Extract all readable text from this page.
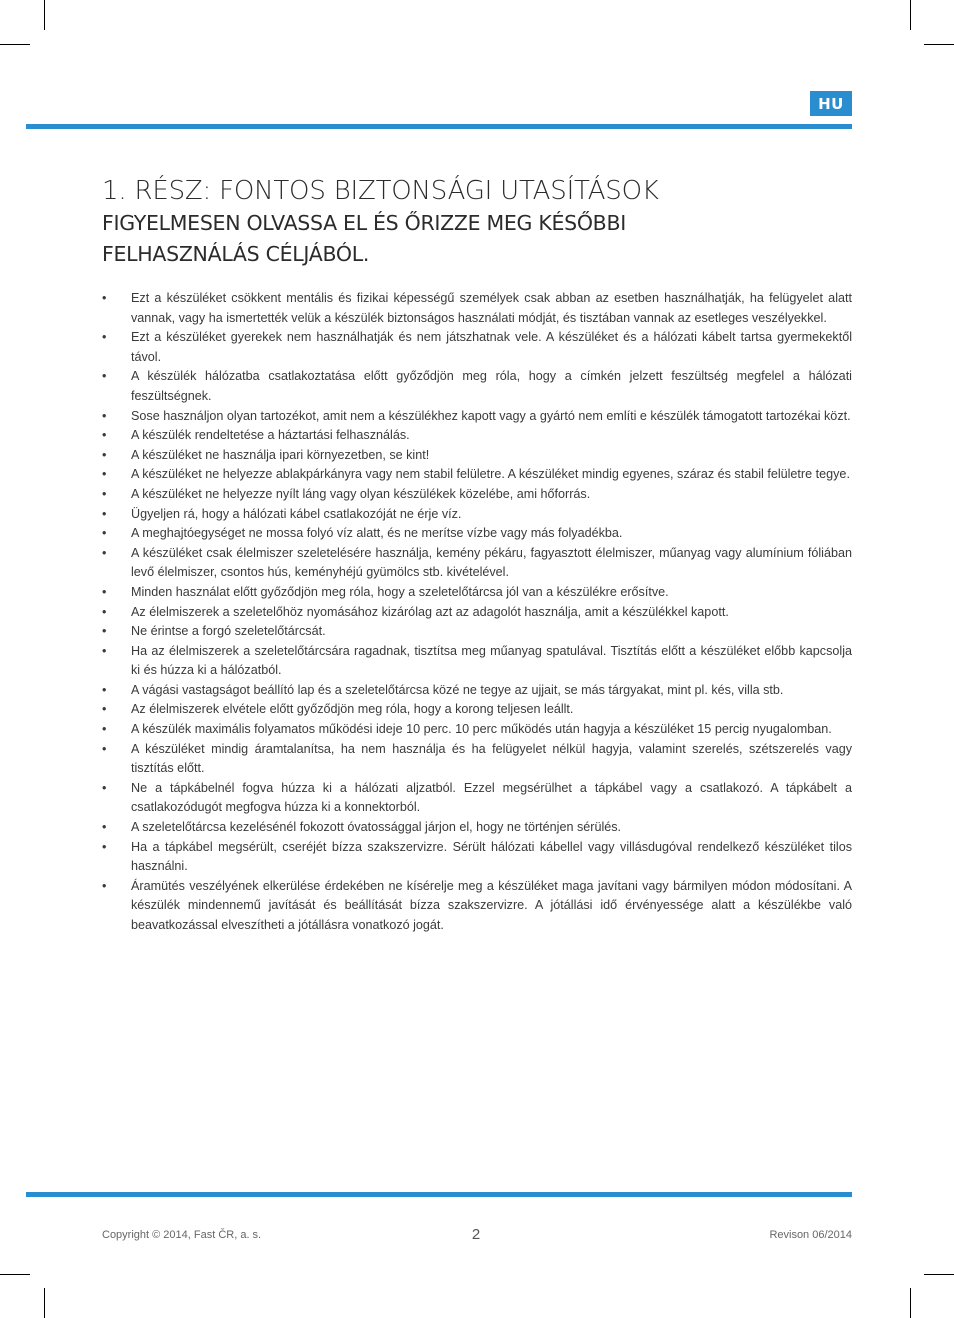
HU
1. RÉSZ: FONTOS BIZTONSÁGI UTASÍTÁSOK
FIGYELMESEN OLVASSA EL ÉS ŐRIZZE MEG KÉSŐBBI
FELHASZNÁLÁS CÉLJÁBÓL.
•	Ezt a készüléket csökkent mentális és fizikai képességű személyek csak abban az esetben használhatják, ha felügyelet alatt vannak, vagy ha ismertették velük a készülék biztonságos használati módját, és tisztában vannak az esetleges veszélyekkel.
•	Ezt a készüléket gyerekek nem használhatják és nem játszhatnak vele. A készüléket és a hálózati kábelt tartsa gyermekektől távol.
•	A készülék hálózatba csatlakoztatása előtt győződjön meg róla, hogy a címkén jelzett feszültség megfelel a hálózati feszültségnek.
•	Sose használjon olyan tartozékot, amit nem a készülékhez kapott vagy a gyártó nem említi e készülék támogatott tartozékai közt.
•	A készülék rendeltetése a háztartási felhasználás.
•	A készüléket ne használja ipari környezetben, se kint!
•	A készüléket ne helyezze ablakpárkányra vagy nem stabil felületre. A készüléket mindig egyenes, száraz és stabil felületre tegye.
•	A készüléket ne helyezze nyílt láng vagy olyan készülékek közelébe, ami hőforrás.
•	Ügyeljen rá, hogy a hálózati kábel csatlakozóját ne érje víz.
•	A meghajtóegységet ne mossa folyó víz alatt, és ne merítse vízbe vagy más folyadékba.
•	A készüléket csak élelmiszer szeletelésére használja, kemény pékáru, fagyasztott élelmiszer, műanyag vagy alumínium fóliában levő élelmiszer, csontos hús, keményhéjú gyümölcs stb. kivételével.
•	Minden használat előtt győződjön meg róla, hogy a szeletelőtárcsa jól van a készülékre erősítve.
•	Az élelmiszerek a szeletelőhöz nyomásához kizárólag azt az adagolót használja, amit a készülékkel kapott.
•	Ne érintse a forgó szeletelőtárcsát.
•	Ha az élelmiszerek a szeletelőtárcsára ragadnak, tisztítsa meg műanyag spatulával. Tisztítás előtt a készüléket előbb kapcsolja ki és húzza ki a hálózatból.
•	A vágási vastagságot beállító lap és a szeletelőtárcsa közé ne tegye az ujjait, se más tárgyakat, mint pl. kés, villa stb.
•	Az élelmiszerek elvétele előtt győződjön meg róla, hogy a korong teljesen leállt.
•	A készülék maximális folyamatos működési ideje 10 perc. 10 perc működés után hagyja a készüléket 15 percig nyugalomban.
•	A készüléket mindig áramtalanítsa, ha nem használja és ha felügyelet nélkül hagyja, valamint szerelés, szétszerelés vagy tisztítás előtt.
•	Ne a tápkábelnél fogva húzza ki a hálózati aljzatból. Ezzel megsérülhet a tápkábel vagy a csatlakozó. A tápkábelt a csatlakozódugót megfogva húzza ki a konnektorból.
•	A szeletelőtárcsa kezelésénél fokozott óvatossággal járjon el, hogy ne történjen sérülés.
•	Ha a tápkábel megsérült, cseréjét bízza szakszervizre. Sérült hálózati kábellel vagy villásdugóval rendelkező készüléket tilos használni.
•	Áramütés veszélyének elkerülése érdekében ne kísérelje meg a készüléket maga javítani vagy bármilyen módon módosítani. A készülék mindennemű javítását és beállítását bízza szakszervizre. A jótállási idő érvényessége alatt a készülékbe való beavatkozással elveszítheti a jótállásra vonatkozó jogát.
Copyright © 2014, Fast ČR, a. s.	2	Revison 06/2014
